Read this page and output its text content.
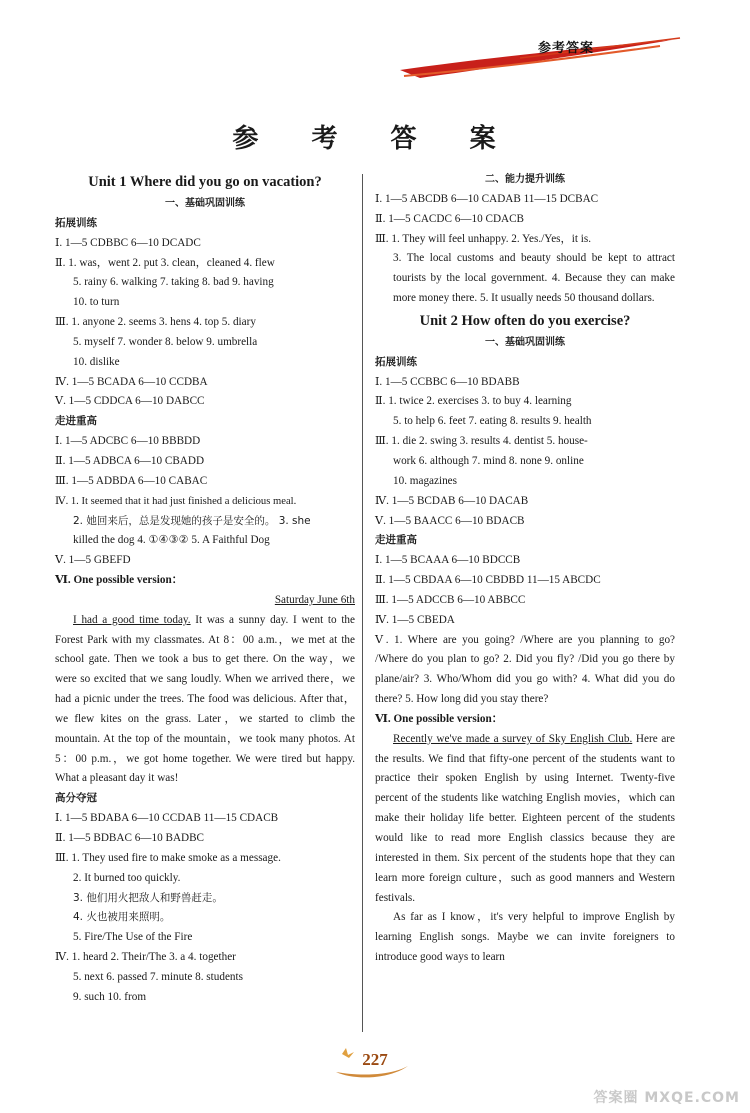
参考答案
参 考 答 案
Unit 1 Where did you go on vacation?
一、基础巩固训练
拓展训练
Ⅰ. 1—5 CDBBC 6—10 DCADC
Ⅱ. 1. was，went 2. put 3. clean，cleaned 4. flew
5. rainy 6. walking 7. taking 8. bad 9. having
10. to turn
Ⅲ. 1. anyone 2. seems 3. hens 4. top 5. diary
5. myself 7. wonder 8. below 9. umbrella
10. dislike
Ⅳ. 1—5 BCADA 6—10 CCDBA
Ⅴ. 1—5 CDDCA 6—10 DABCC
走进重高
Ⅰ. 1—5 ADCBC 6—10 BBBDD
Ⅱ. 1—5 ADBCA 6—10 CBADD
Ⅲ. 1—5 ADBDA 6—10 CABAC
Ⅳ. 1. It seemed that it had just finished a delicious meal.
2. 她回来后，总是发现她的孩子是安全的。 3. she
killed the dog 4. ①④③② 5. A Faithful Dog
Ⅴ. 1—5 GBEFD
Ⅵ. One possible version：
Saturday June 6th
I had a good time today. It was a sunny day. I went to the Forest Park with my classmates. At 8：00 a.m.，we met at the school gate. Then we took a bus to get there. On the way，we were so excited that we sang loudly. When we arrived there，we had a picnic under the trees. The food was delicious. After that，we flew kites on the grass. Later，we started to climb the mountain. At the top of the mountain，we took many photos. At 5：00 p.m.，we got home together. We were tired but happy. What a pleasant day it was!
高分夺冠
Ⅰ. 1—5 BDABA 6—10 CCDAB 11—15 CDACB
Ⅱ. 1—5 BDBAC 6—10 BADBC
Ⅲ. 1. They used fire to make smoke as a message.
2. It burned too quickly.
3. 他们用火把敌人和野兽赶走。
4. 火也被用来照明。
5. Fire/The Use of the Fire
Ⅳ. 1. heard 2. Their/The 3. a 4. together
5. next 6. passed 7. minute 8. students
9. such 10. from
二、能力提升训练
Ⅰ. 1—5 ABCDB 6—10 CADAB 11—15 DCBAC
Ⅱ. 1—5 CACDC 6—10 CDACB
Ⅲ. 1. They will feel unhappy. 2. Yes./Yes，it is.
3. The local customs and beauty should be kept to attract tourists by the local government. 4. Because they can make more money there. 5. It usually needs 50 thousand dollars.
Unit 2 How often do you exercise?
一、基础巩固训练
拓展训练
Ⅰ. 1—5 CCBBC 6—10 BDABB
Ⅱ. 1. twice 2. exercises 3. to buy 4. learning
5. to help 6. feet 7. eating 8. results 9. health
Ⅲ. 1. die 2. swing 3. results 4. dentist 5. house-
work 6. although 7. mind 8. none 9. online
10. magazines
Ⅳ. 1—5 BCDAB 6—10 DACAB
Ⅴ. 1—5 BAACC 6—10 BDACB
走进重高
Ⅰ. 1—5 BCAAA 6—10 BDCCB
Ⅱ. 1—5 CBDAA 6—10 CBDBD 11—15 ABCDC
Ⅲ. 1—5 ADCCB 6—10 ABBCC
Ⅳ. 1—5 CBEDA
Ⅴ. 1. Where are you going? /Where are you planning to go? /Where do you plan to go? 2. Did you fly? /Did you go there by plane/air? 3. Who/Whom did you go with? 4. What did you do there? 5. How long did you stay there?
Ⅵ. One possible version：
Recently we've made a survey of Sky English Club. Here are the results. We find that fifty-one percent of the students want to practice their spoken English by using Internet. Twenty-five percent of the students like watching English movies，which can make their holiday life better. Eighteen percent of the students would like to read more English classics because they are interested in them. Six percent of the students hope that they can learn more foreign culture，such as good manners and Western festivals.
As far as I know，it's very helpful to improve English by learning English songs. Maybe we can invite foreigners to introduce good ways to learn
227
答案圈 MXQE.COM
